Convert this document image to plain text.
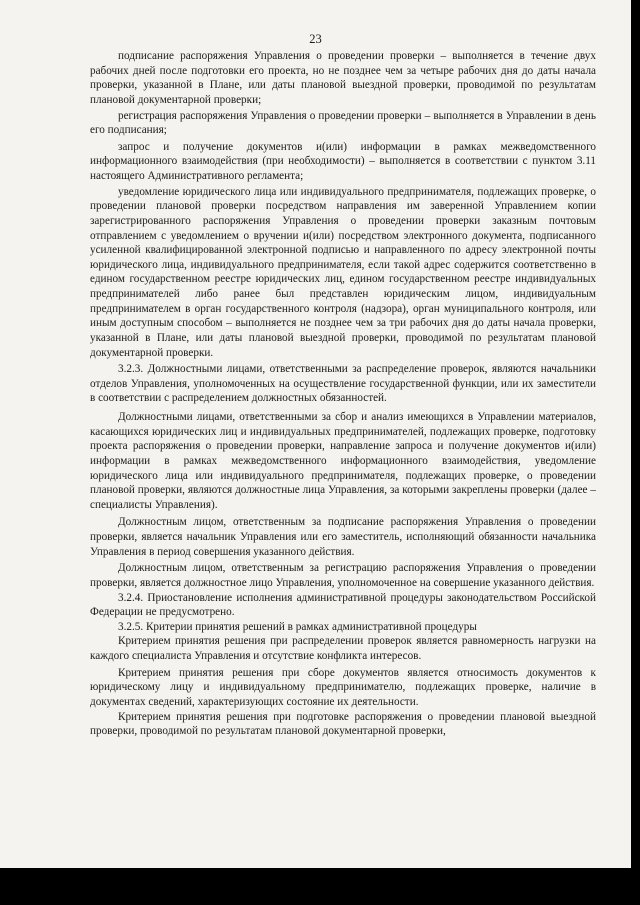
23

подписание распоряжения Управления о проведении проверки – выполняется в течение двух рабочих дней после подготовки его проекта, но не позднее чем за четыре рабочих дня до даты начала проверки, указанной в Плане, или даты плановой выездной проверки, проводимой по результатам плановой документарной проверки;

регистрация распоряжения Управления о проведении проверки – выполняется в Управлении в день его подписания;

запрос и получение документов и(или) информации в рамках межведомственного информационного взаимодействия (при необходимости) – выполняется в соответствии с пунктом 3.11 настоящего Административного регламента;

уведомление юридического лица или индивидуального предпринимателя, подлежащих проверке, о проведении плановой проверки посредством направления им заверенной Управлением копии зарегистрированного распоряжения Управления о проведении проверки заказным почтовым отправлением с уведомлением о вручении и(или) посредством электронного документа, подписанного усиленной квалифицированной электронной подписью и направленного по адресу электронной почты юридического лица, индивидуального предпринимателя, если такой адрес содержится соответственно в едином государственном реестре юридических лиц, едином государственном реестре индивидуальных предпринимателей либо ранее был представлен юридическим лицом, индивидуальным предпринимателем в орган государственного контроля (надзора), орган муниципального контроля, или иным доступным способом – выполняется не позднее чем за три рабочих дня до даты начала проверки, указанной в Плане, или даты плановой выездной проверки, проводимой по результатам плановой документарной проверки.

3.2.3. Должностными лицами, ответственными за распределение проверок, являются начальники отделов Управления, уполномоченных на осуществление государственной функции, или их заместители в соответствии с распределением должностных обязанностей.

Должностными лицами, ответственными за сбор и анализ имеющихся в Управлении материалов, касающихся юридических лиц и индивидуальных предпринимателей, подлежащих проверке, подготовку проекта распоряжения о проведении проверки, направление запроса и получение документов и(или) информации в рамках межведомственного информационного взаимодействия, уведомление юридического лица или индивидуального предпринимателя, подлежащих проверке, о проведении плановой проверки, являются должностные лица Управления, за которыми закреплены проверки (далее – специалисты Управления).

Должностным лицом, ответственным за подписание распоряжения Управления о проведении проверки, является начальник Управления или его заместитель, исполняющий обязанности начальника Управления в период совершения указанного действия.

Должностным лицом, ответственным за регистрацию распоряжения Управления о проведении проверки, является должностное лицо Управления, уполномоченное на совершение указанного действия.

3.2.4. Приостановление исполнения административной процедуры законодательством Российской Федерации не предусмотрено.

3.2.5. Критерии принятия решений в рамках административной процедуры

Критерием принятия решения при распределении проверок является равномерность нагрузки на каждого специалиста Управления и отсутствие конфликта интересов.

Критерием принятия решения при сборе документов является относимость документов к юридическому лицу и индивидуальному предпринимателю, подлежащих проверке, наличие в документах сведений, характеризующих состояние их деятельности.

Критерием принятия решения при подготовке распоряжения о проведении плановой выездной проверки, проводимой по результатам плановой документарной проверки,
